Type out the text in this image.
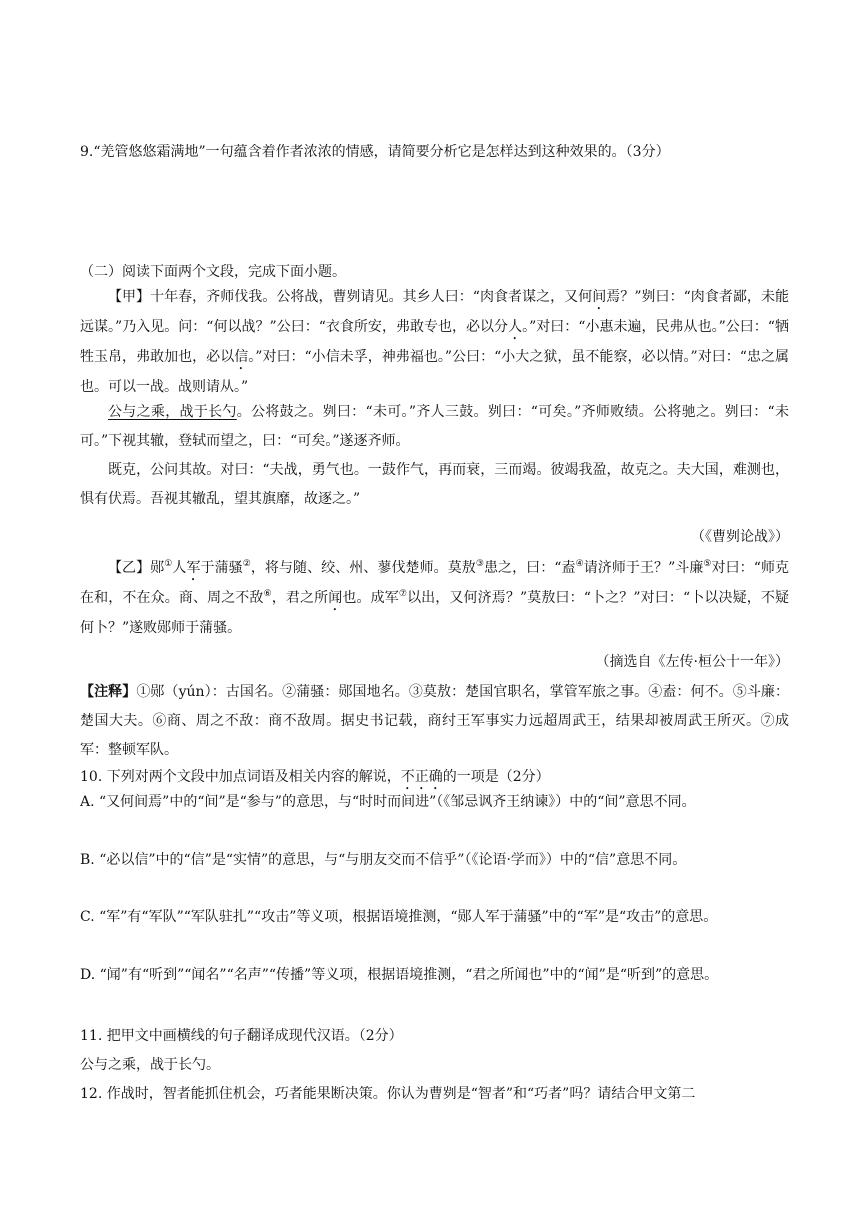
9.“羌管悠悠霜满地”一句蕴含着作者浓浓的情感，请简要分析它是怎样达到这种效果的。（3分）
（二）阅读下面两个文段，完成下面小题。
【甲】十年春，齐师伐我。公将战，曹刿请见。其乡人曰：“肉食者谋之，又何间焉？”刿曰：“肉食者鄙，未能远谋。”乃入见。问：“何以战？”公曰：“衣食所安，弗敢专也，必以分人。”对曰：“小惠未遍，民弗从也。”公曰：“牺牲玉帛，弗敢加也，必以信。”对曰：“小信未孚，神弗福也。”公曰：“小大之狱，虽不能察，必以情。”对曰：“忠之属也。可以一战。战则请从。”
公与之乘，战于长勺。公将鼓之。刿曰：“未可。”齐人三鼓。刿曰：“可矣。”齐师败绩。公将驰之。刿曰：“未可。”下视其辙，登轼而望之，曰：“可矣。”遂逐齐师。
既克，公问其故。对曰：“夫战，勇气也。一鼓作气，再而衰，三而竭。彼竭我盈，故克之。夫大国，难测也，惧有伏焉。吾视其辙乱，望其旗靡，故逐之。”
（《曹刿论战》）
【乙】郧①人军于蒲骚②，将与随、绞、州、蓼伐楚师。莫敖③患之，曰：“盍④请济师于王？”斗廉⑤对曰：“师克在和，不在众。商、周之不敌⑥，君之所闻也。成军⑦以出，又何济焉？”莫敖曰：“卜之？”对曰：“卜以决疑，不疑何卜？”遂败郧师于蒲骚。
（摘选自《左传·桓公十一年》）
【注释】①郧（yún）：古国名。②蒲骚：郧国地名。③莫敖：楚国官职名，掌管军旅之事。④盍：何不。⑤斗廉：楚国大夫。⑥商、周之不敌：商不敌周。据史书记载，商纣王军事实力远超周武王，结果却被周武王所灭。⑦成军：整顿军队。
10. 下列对两个文段中加点词语及相关内容的解说，不正确的一项是（2分）
A. “又何间焉”中的“间”是“参与”的意思，与“时时而间进”（《邹忌讽齐王纳谏》）中的“间”意思不同。
B. “必以信”中的“信”是“实情”的意思，与“与朋友交而不信乎”（《论语·学而》）中的“信”意思不同。
C. “军”有“军队”“军队驻扎”“攻击”等义项，根据语境推测，“郧人军于蒲骚”中的“军”是“攻击”的意思。
D. “闻”有“听到”“闻名”“名声”“传播”等义项，根据语境推测，“君之所闻也”中的“闻”是“听到”的意思。
11. 把甲文中画横线的句子翻译成现代汉语。（2分）
公与之乘，战于长勺。
12. 作战时，智者能抓住机会，巧者能果断决策。你认为曹刿是“智者”和“巧者”吗？请结合甲文第二
